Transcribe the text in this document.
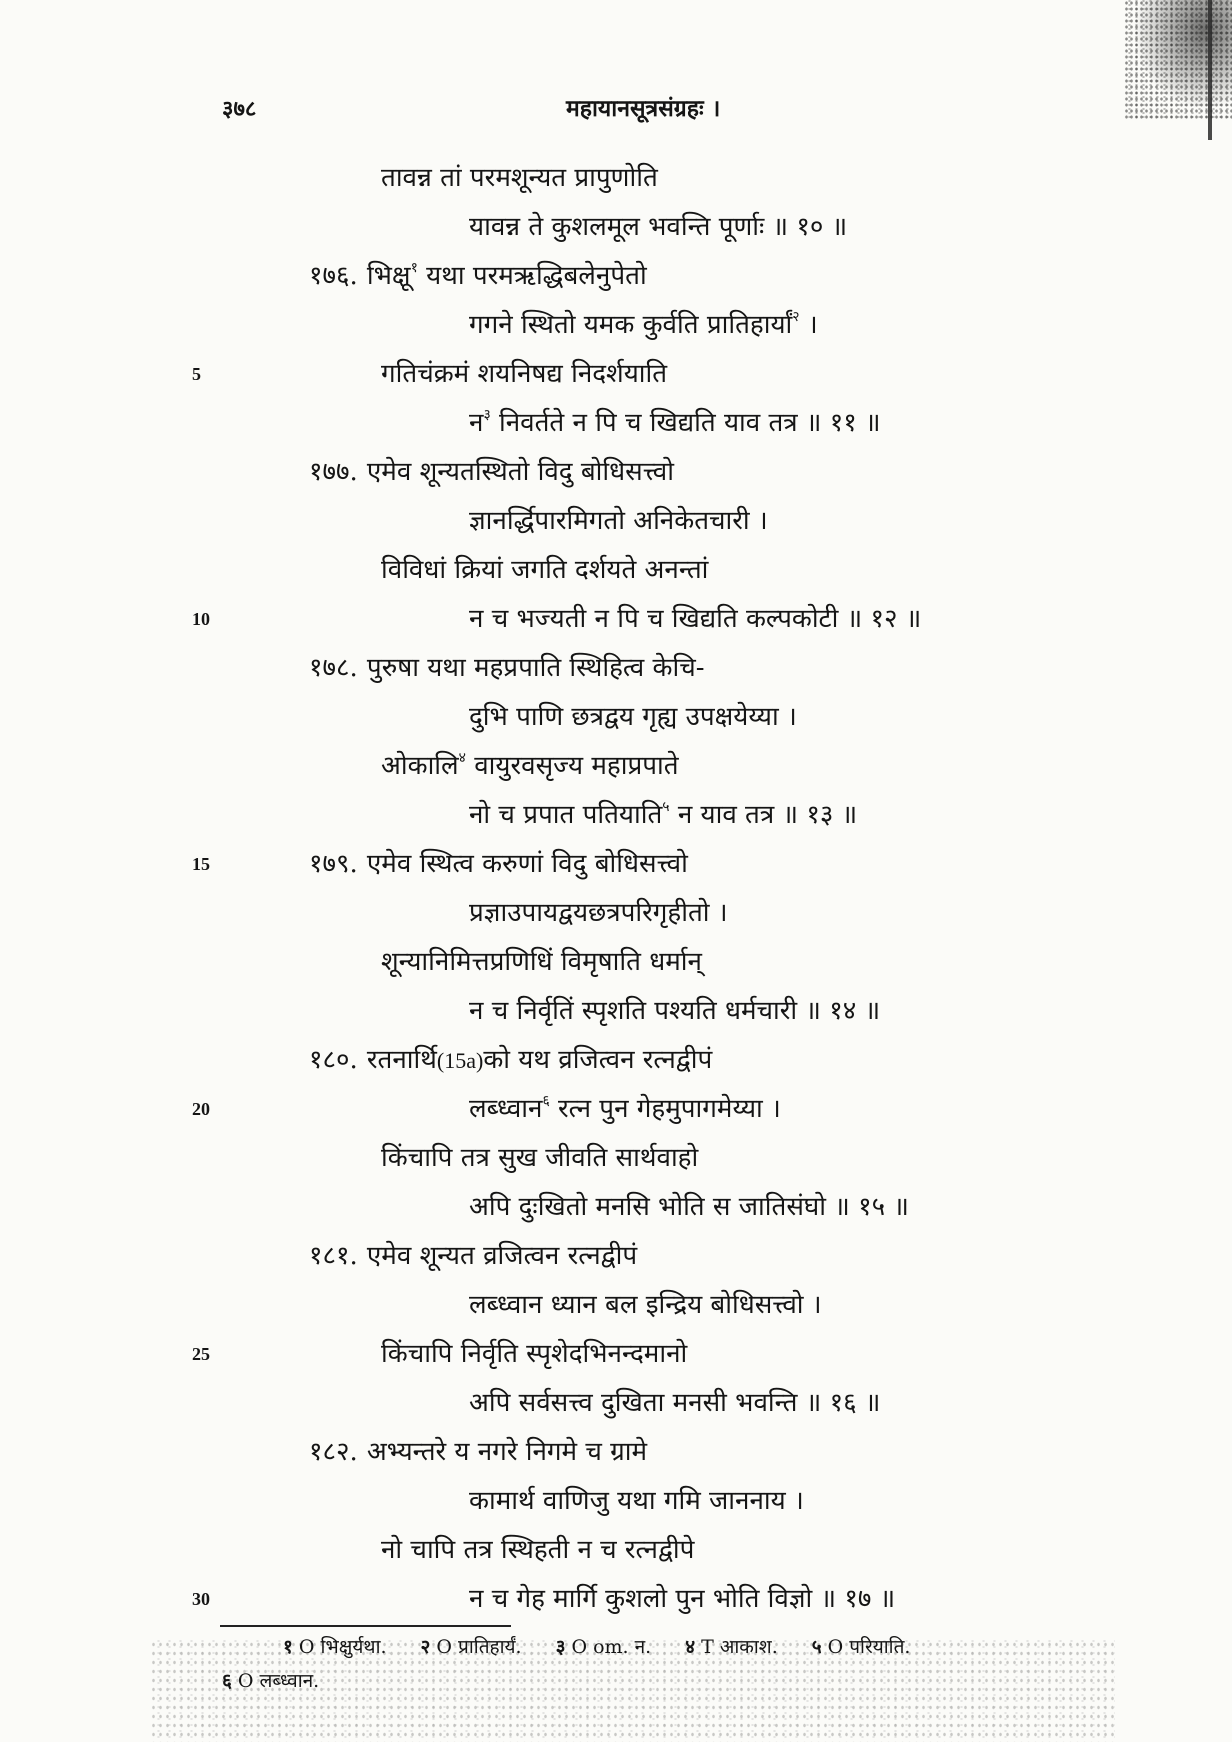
३७८	महायानसूत्रसंग्रहः ।
तावन्न तां परमशून्यत प्रापुणोति
यावन्न ते कुशलमूल भवन्ति पूर्णाः ॥ १० ॥
१७६. भिक्षू$^१$ यथा परमऋद्धिबलेनुपेतो
गगने स्थितो यमक कुर्वति प्रातिहार्यां$^२$ ।
5	गतिचंक्रमं शयनिषद्य निदर्शयाति
न$^३$ निवर्तते न पि च खिद्यति याव तत्र ॥ ११ ॥
१७७. एमेव शून्यतस्थितो विदु बोधिसत्त्वो
ज्ञानर्द्धिपारमिगतो अनिकेतचारी ।
विविधां क्रियां जगति दर्शयते अनन्तां
10	न च भज्यती न पि च खिद्यति कल्पकोटी ॥ १२ ॥
१७८. पुरुषा यथा महप्रपाति स्थिहित्व केचि-
दुभि पाणि छत्रद्वय गृह्य उपक्षयेय्या ।
ओकालि$^४$ वायुरवसृज्य महाप्रपाते
नो च प्रपात पतियाति$^५$ न याव तत्र ॥ १३ ॥
15	१७९. एमेव स्थित्व करुणां विदु बोधिसत्त्वो
प्रज्ञाउपायद्वयछत्रपरिगृहीतो ।
शून्यानिमित्तप्रणिधिं विमृषाति धर्मान्
न च निर्वृतिं स्पृशति पश्यति धर्मचारी ॥ १४ ॥
१८०. रतनार्थि(15a)को यथ व्रजित्वन रत्नद्वीपं
20	लब्ध्वान$^६$ रत्न पुन गेहमुपागमेय्या ।
किंचापि तत्र सुख जीवति सार्थवाहो
अपि दुःखितो मनसि भोति स जातिसंघो ॥ १५ ॥
१८१. एमेव शून्यत व्रजित्वन रत्नद्वीपं
लब्ध्वान ध्यान बल इन्द्रिय बोधिसत्त्वो ।
25	किंचापि निर्वृति स्पृशेदभिनन्दमानो
अपि सर्वसत्त्व दुखिता मनसी भवन्ति ॥ १६ ॥
१८२. अभ्यन्तरे य नगरे निगमे च ग्रामे
कामार्थ वाणिजु यथा गमि जाननाय ।
नो चापि तत्र स्थिहती न च रत्नद्वीपे
30	न च गेह मार्गि कुशलो पुन भोति विज्ञो ॥ १७ ॥
१ O भिक्षुर्यथा. २ O प्रातिहार्यं. ३ O om. न. ४ T आकाश. ५ O परियाति.
६ O लब्ध्वान.
